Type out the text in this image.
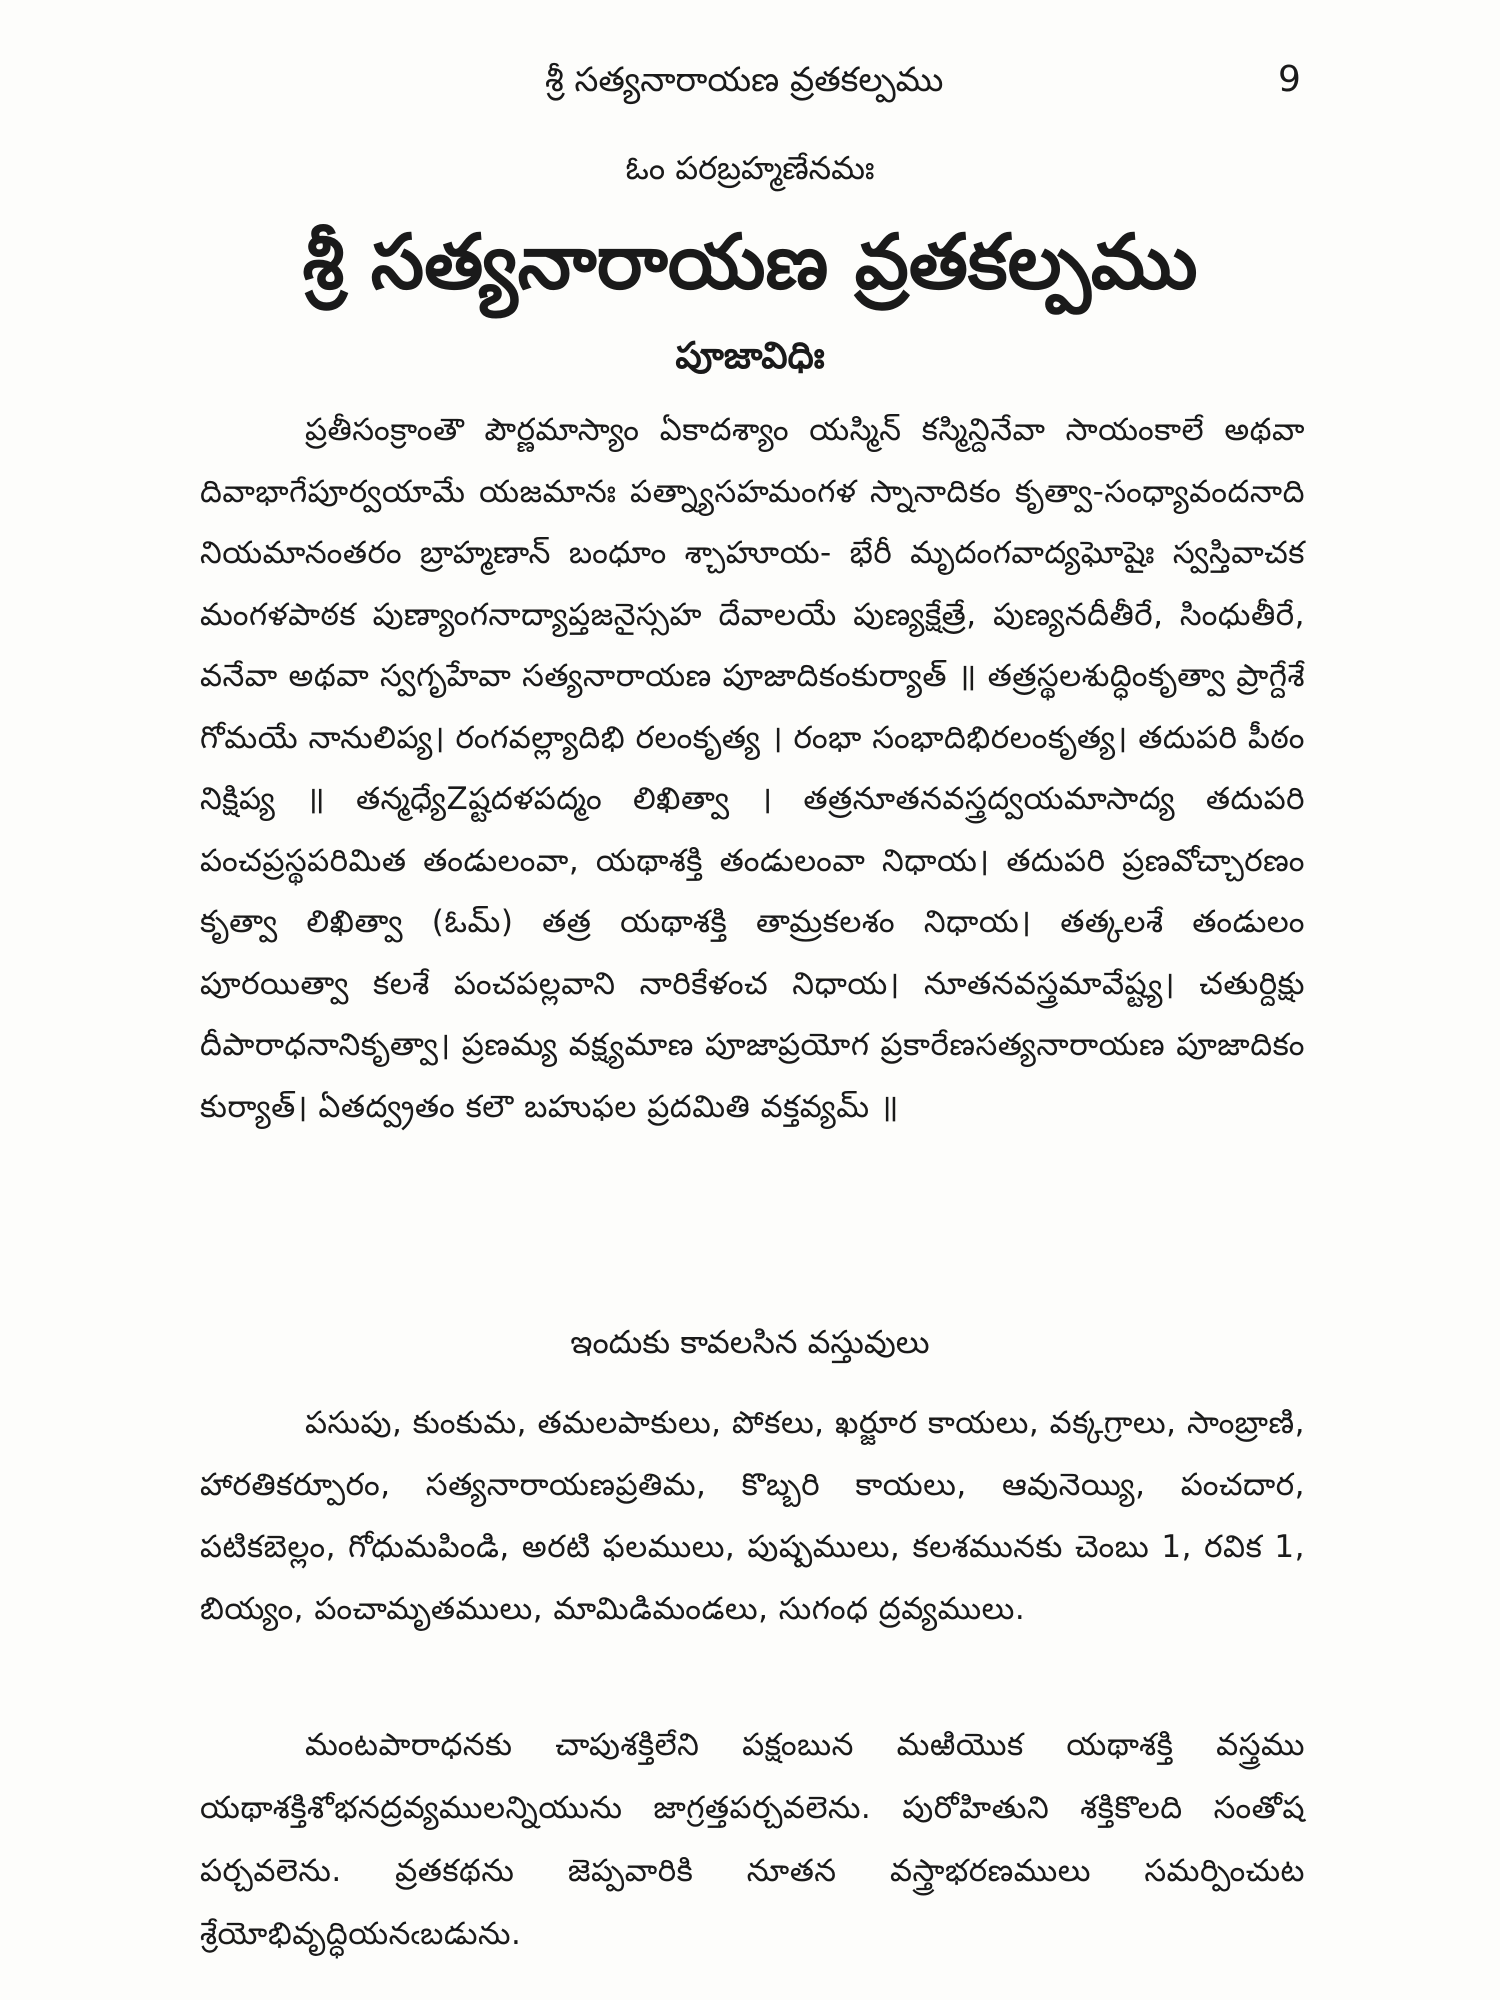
శ్రీ సత్యనారాయణ వ్రతకల్పము	9
ఓం పరబ్రహ్మణేనమః
శ్రీ సత్యనారాయణ వ్రతకల్పము
పూజావిధిః

ప్రతీసంక్రాంతౌ పౌర్ణమాస్యాం ఏకాదశ్యాం యస్మిన్ కస్మిన్దినేవా సాయంకాలే అథవా దివాభాగేపూర్వయామే యజమానః పత్న్యాసహమంగళ స్నానాదికం కృత్వా-సంధ్యావందనాది నియమానంతరం బ్రాహ్మణాన్ బంధూం శ్చాహూయ- భేరీ మృదంగవాద్యఘోషైః స్వస్తివాచక మంగళపాఠక పుణ్యాంగనాద్యాప్తజనైస్సహ దేవాలయే పుణ్యక్షేత్రే, పుణ్యనదీతీరే, సింధుతీరే, వనేవా అథవా స్వగృహేవా సత్యనారాయణ పూజాదికంకుర్యాత్ ॥ తత్రస్థలశుద్ధింకృత్వా ప్రాగ్దేశే గోమయే నానులిప్య। రంగవల్ల్యాదిభి రలంకృత్య । రంభా సంభాదిభిరలంకృత్య। తదుపరి పీఠం నిక్షిప్య ॥ తన్మధ్యేZష్టదళపద్మం లిఖిత్వా । తత్రనూతనవస్త్రద్వయమాసాద్య తదుపరి పంచప్రస్థపరిమిత తండులంవా, యథాశక్తి తండులంవా నిధాయ। తదుపరి ప్రణవోచ్చారణం కృత్వా లిఖిత్వా (ఓమ్) తత్ర యథాశక్తి తామ్రకలశం నిధాయ। తత్కలశే తండులం పూరయిత్వా కలశే పంచపల్లవాని నారికేళంచ నిధాయ। నూతనవస్త్రమావేష్ట్య। చతుర్దిక్షు దీపారాధనానికృత్వా। ప్రణమ్య వక్ష్యమాణ పూజాప్రయోగ ప్రకారేణసత్యనారాయణ పూజాదికం కుర్యాత్। ఏతద్వ్రతం కలౌ బహుఫల ప్రదమితి వక్తవ్యమ్ ॥

ఇందుకు కావలసిన వస్తువులు

పసుపు, కుంకుమ, తమలపాకులు, పోకలు, ఖర్జూర కాయలు, వక్కగ్రాలు, సాంబ్రాణి, హారతికర్పూరం, సత్యనారాయణప్రతిమ, కొబ్బరి కాయలు, ఆవునెయ్యి, పంచదార, పటికబెల్లం, గోధుమపిండి, అరటి ఫలములు, పుష్పములు, కలశమునకు చెంబు 1, రవిక 1, బియ్యం, పంచామృతములు, మామిడిమండలు, సుగంధ ద్రవ్యములు.

మంటపారాధనకు చాపుశక్తిలేని పక్షంబున మఱియొక యథాశక్తి వస్త్రము యథాశక్తిశోభనద్రవ్యములన్నియును జాగ్రత్తపర్చవలెను. పురోహితుని శక్తికొలది సంతోష పర్చవలెను. వ్రతకథను జెప్పవారికి నూతన వస్త్రాభరణములు సమర్పించుట శ్రేయోభివృద్ధియనఁబడును.
